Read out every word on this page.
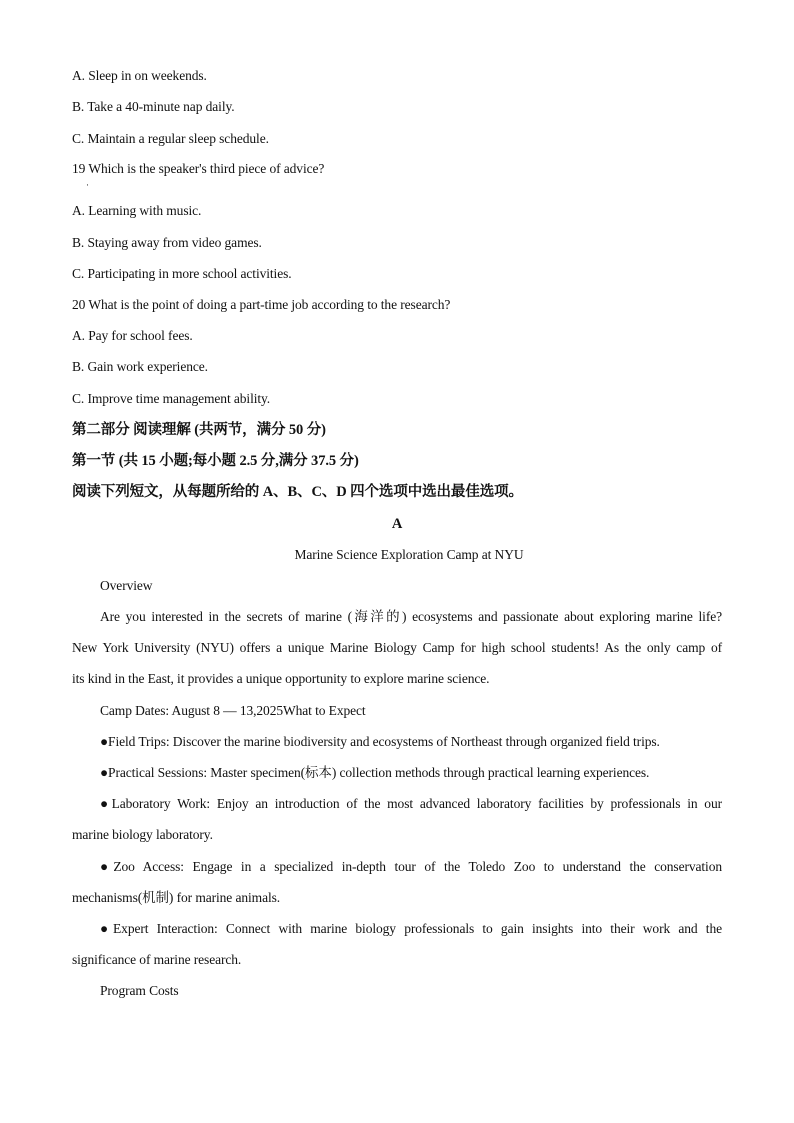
A. Sleep in on weekends.
B. Take a 40-minute nap daily.
C. Maintain a regular sleep schedule.
19 Which is the speaker's third piece of advice?
·
A. Learning with music.
B. Staying away from video games.
C. Participating in more school activities.
20 What is the point of doing a part-time job according to the research?
A. Pay for school fees.
B. Gain work experience.
C. Improve time management ability.
第二部分 阅读理解 (共两节，满分 50 分)
第一节 (共 15 小题;每小题 2.5 分,满分 37.5 分)
阅读下列短文，从每题所给的 A、B、C、D 四个选项中选出最佳选项。
A
Marine Science Exploration Camp at NYU
Overview
Are you interested in the secrets of marine (海洋的) ecosystems and passionate about exploring marine life?
New York University (NYU) offers a unique Marine Biology Camp for high school students! As the only camp of
its kind in the East, it provides a unique opportunity to explore marine science.
Camp Dates: August 8 — 13,2025What to Expect
●Field Trips: Discover the marine biodiversity and ecosystems of Northeast through organized field trips.
●Practical Sessions: Master specimen(标本) collection methods through practical learning experiences.
●Laboratory Work: Enjoy an introduction of the most advanced laboratory facilities by professionals in our
marine biology laboratory.
●Zoo Access: Engage in a specialized in-depth tour of the Toledo Zoo to understand the conservation
mechanisms(机制) for marine animals.
●Expert Interaction: Connect with marine biology professionals to gain insights into their work and the
significance of marine research.
Program Costs
